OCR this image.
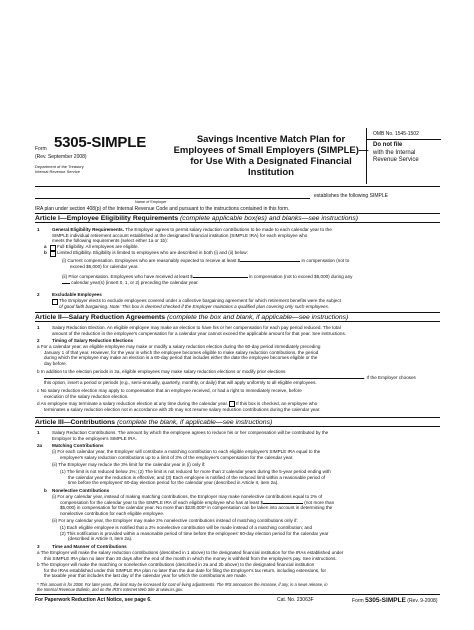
Form 5305-SIMPLE
(Rev. September 2008)
Department of the Treasury
Internal Revenue Service
Savings Incentive Match Plan for
Employees of Small Employers (SIMPLE)—
for Use With a Designated Financial Institution
OMB No. 1545-1502
Do not file
with the Internal
Revenue Service
establishes the following SIMPLE
Name of Employer
IRA plan under section 408(p) of the Internal Revenue Code and pursuant to the instructions contained in this form.
Article I—Employee Eligibility Requirements (complete applicable box(es) and blanks—see instructions)
1	General Eligibility Requirements. The Employer agrees to permit salary reduction contributions to be made to each calendar year to the
SIMPLE individual retirement account established at the designated financial institution (SIMPLE IRA) for each employee who
meets the following requirements (select either 1a or 1b):
a Full Eligibility. All employees are eligible.
b Limited Eligibility. Eligibility is limited to employees who are described in both (i) and (ii) below:
(i) Current compensation. Employees who are reasonably expected to receive at least $	in compensation (not to
exceed $5,000) for calendar year.
(ii) Prior compensation. Employees who have received at least $	in compensation (not to exceed $5,000) during any
calendar year(s) (insert 0, 1, or 2) preceding the calendar year.
2	Excludable Employees
The Employer elects to exclude employees covered under a collective bargaining agreement for which retirement benefits were the subject
of good faith bargaining. Note: This box is deemed checked if the Employer maintains a qualified plan covering only such employees.
Article II—Salary Reduction Agreements (complete the box and blank, if applicable—see instructions)
1	Salary Reduction Election. An eligible employee may make an election to have his or her compensation for each pay period reduced. The total
amount of the reduction in the employee's compensation for a calendar year cannot exceed the applicable amount for that year. See instructions.
2	Timing of Salary Reduction Elections
a For a calendar year, an eligible employee may make or modify a salary reduction election during the 60-day period immediately preceding
January 1 of that year. However, for the year in which the employee becomes eligible to make salary reduction contributions, the period
during which the employee may make an election is a 60-day period that includes either the date the employee becomes eligible or the
day before.
b In addition to the election periods in 2a, eligible employees may make salary reduction elections or modify prior elections
. If the Employer chooses
this option, insert a period or periods (e.g., semi-annually, quarterly, monthly, or daily) that will apply uniformly to all eligible employees.
c No salary reduction election may apply to compensation that an employee received, or had a right to immediately receive, before
execution of the salary reduction election.
d An employee may terminate a salary reduction election at any time during the calendar year. If this box is checked, an employee who
terminates a salary reduction election not in accordance with 2b may not resume salary reduction contributions during the calendar year.
Article III—Contributions (complete the blank, if applicable—see instructions)
1	Salary Reduction Contributions. The amount by which the employee agrees to reduce his or her compensation will be contributed by the
Employer to the employee's SIMPLE IRA.
2a Matching Contributions
(i) For each calendar year, the Employer will contribute a matching contribution to each eligible employee's SIMPLE IRA equal to the
employee's salary reduction contributions up to a limit of 3% of the employee's compensation for the calendar year.
(ii) The Employer may reduce the 3% limit for the calendar year in (i) only if:
(1) The limit is not reduced below 1%; (2) The limit is not reduced for more than 2 calendar years during the 5-year period ending with
the calendar year the reduction is effective; and (3) Each employee is notified of the reduced limit within a reasonable period of
time before the employees' 60-day election period for the calendar year (described in Article II, item 2a).
b Nonelective Contributions
(i) For any calendar year, instead of making matching contributions, the Employer may make nonelective contributions equal to 2% of
compensation for the calendar year to the SIMPLE IRA of each eligible employee who has at least $	(not more than
$5,000) in compensation for the calendar year. No more than $230,000* in compensation can be taken into account in determining the
nonelective contribution for each eligible employee.
(ii) For any calendar year, the Employer may make 2% nonelective contributions instead of matching contributions only if:
(1) Each eligible employee is notified that a 2% nonelective contribution will be made instead of a matching contribution; and
(2) This notification is provided within a reasonable period of time before the employees' 60-day election period for the calendar year
(described in Article II, item 2a).
3	Time and Manner of Contributions
a The Employer will make the salary reduction contributions (described in 1 above) to the designated financial institution for the IRAs established under
this SIMPLE IRA plan no later than 30 days after the end of the month in which the money is withheld from the employee's pay. See instructions.
b The Employer will make the matching or nonelective contributions (described in 2a and 2b above) to the designated financial institution
for the IRAs established under this SIMPLE IRA plan no later than the due date for filing the Employer's tax return, including extensions, for
the taxable year that includes the last day of the calendar year for which the contributions are made.
* This amount is for 2008. For later years, the limit may be increased for cost-of-living adjustments. The IRS announces the increase, if any, in a news release, in
the Internal Revenue Bulletin, and on the IRS's Internet Web Site at www.irs.gov.
For Paperwork Reduction Act Notice, see page 6.	Cat. No. 23063F	Form 5305-SIMPLE (Rev. 9-2008)
